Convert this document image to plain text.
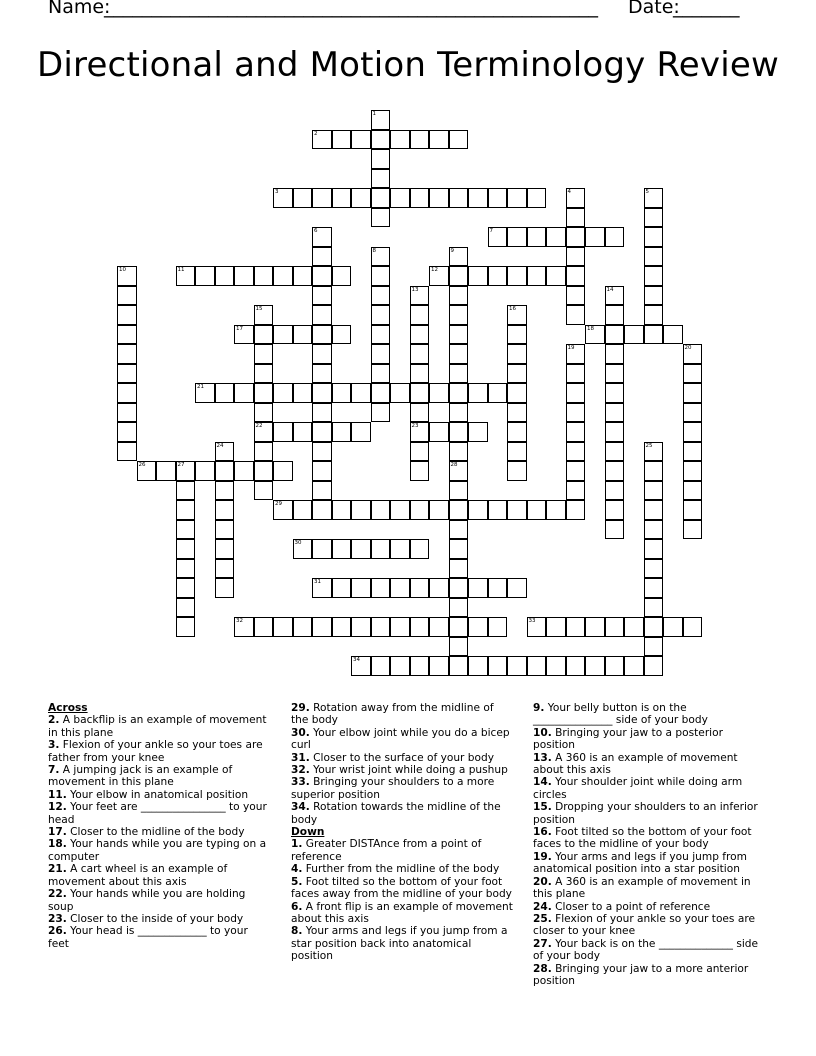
Name:
____________________________________________________ Date:
_______
Directional and Motion Terminology Review
1
2
3	4	5
6	7
8	9
10	11	12
13	14
15	16
17	18
19	20
21
22	23
24	25
26	27	28
29
30
31
32	33
34
Across
2. A backflip is an example of movement in this plane
3. Flexion of your ankle so your toes are father from your knee
7. A jumping jack is an example of movement in this plane
11. Your elbow in anatomical position
12. Your feet are ________________ to your head
17. Closer to the midline of the body
18. Your hands while you are typing on a computer
21. A cart wheel is an example of movement about this axis
22. Your hands while you are holding soup
23. Closer to the inside of your body
26. Your head is _____________ to your feet
29. Rotation away from the midline of the body
30. Your elbow joint while you do a bicep curl
31. Closer to the surface of your body
32. Your wrist joint while doing a pushup
33. Bringing your shoulders to a more superior position
34. Rotation towards the midline of the body
Down
1. Greater DISTAnce from a point of reference
4. Further from the midline of the body
5. Foot tilted so the bottom of your foot faces away from the midline of your body
6. A front flip is an example of movement about this axis
8. Your arms and legs if you jump from a star position back into anatomical position
9. Your belly button is on the _______________ side of your body
10. Bringing your jaw to a posterior position
13. A 360 is an example of movement about this axis
14. Your shoulder joint while doing arm circles
15. Dropping your shoulders to an inferior position
16. Foot tilted so the bottom of your foot faces to the midline of your body
19. Your arms and legs if you jump from anatomical position into a star position
20. A 360 is an example of movement in this plane
24. Closer to a point of reference
25. Flexion of your ankle so your toes are closer to your knee
27. Your back is on the ______________ side of your body
28. Bringing your jaw to a more anterior position
